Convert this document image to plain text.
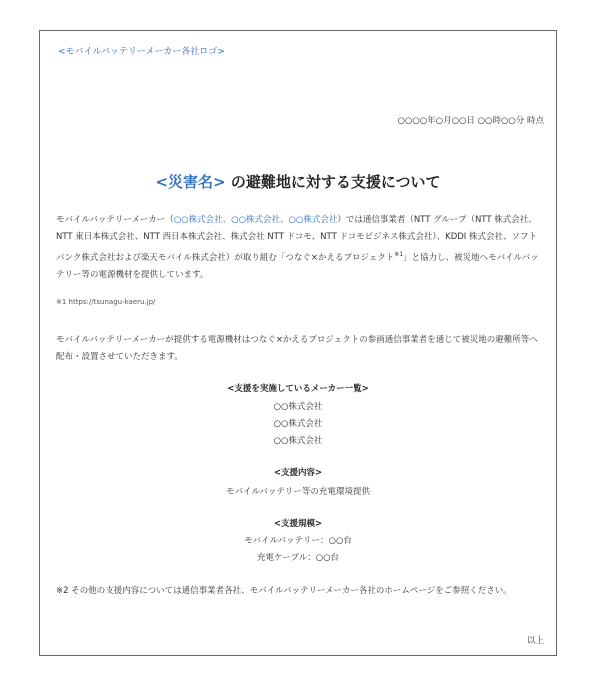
<モバイルバッテリーメーカー各社ロゴ>
○○○○年○月○○日 ○○時○○分 時点
<災害名> の避難地に対する支援について
モバイルバッテリーメーカー（○○株式会社、○○株式会社、○○株式会社）では通信事業者（NTT グループ（NTT 株式会社、NTT 東日本株式会社、NTT 西日本株式会社、株式会社 NTT ドコモ、NTT ドコモビジネス株式会社）、KDDI 株式会社、ソフトバンク株式会社および楽天モバイル株式会社）が取り組む「つなぐ×かえるプロジェクト$^{※1}$」と協力し、被災地へモバイルバッテリー等の電源機材を提供しています。
※1 https://tsunagu-kaeru.jp/
モバイルバッテリーメーカーが提供する電源機材はつなぐ×かえるプロジェクトの参画通信事業者を通じて被災地の避難所等へ配布・設置させていただきます。
<支援を実施しているメーカー一覧>
○○株式会社
○○株式会社
○○株式会社
<支援内容>
モバイルバッテリー等の充電環境提供
<支援規模>
モバイルバッテリー：○○台
充電ケーブル：○○台
※2 その他の支援内容については通信事業者各社、モバイルバッテリーメーカー各社のホームページをご参照ください。
以上
